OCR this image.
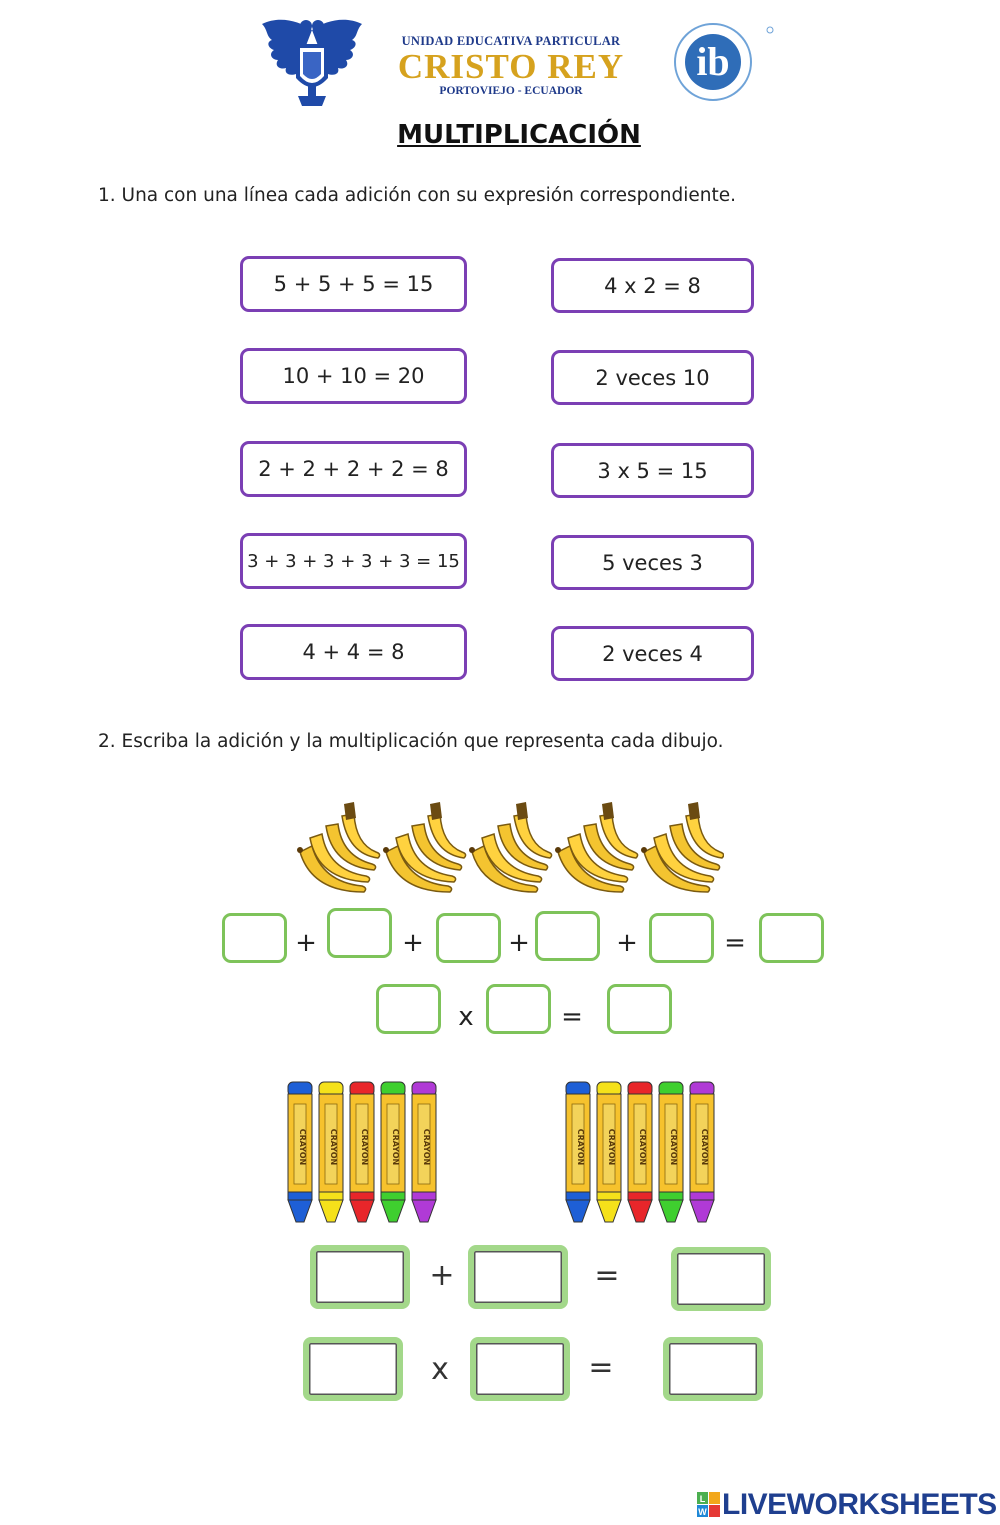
UNIDAD EDUCATIVA PARTICULAR
CRISTO REY
PORTOVIEJO - ECUADOR
ib
MULTIPLICACIÓN
1. Una con una línea cada adición con su expresión correspondiente.
5 + 5 + 5 = 15
10 + 10 = 20
2 + 2 + 2 + 2 = 8
3 + 3 + 3 + 3 + 3 = 15
4 + 4 = 8
4 x 2 = 8
2 veces 10
3 x 5 = 15
5 veces 3
2 veces 4
2. Escriba la adición y la multiplicación que representa cada dibujo.
+	+	+	+	=
x	=
CRAYON	CRAYON	CRAYON	CRAYON	CRAYON	CRAYON	CRAYON	CRAYON	CRAYON	CRAYON
+	=
x	=
L
W LIVEWORKSHEETS
